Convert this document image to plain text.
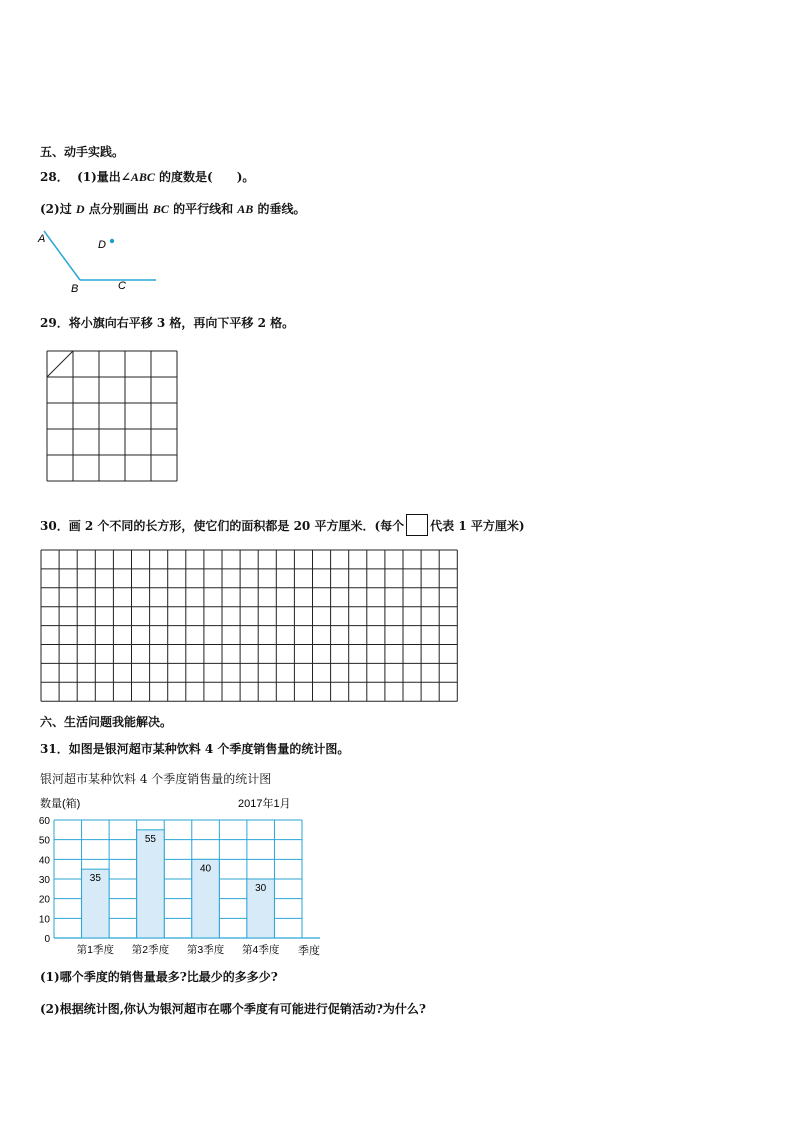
五、动手实践。
28． (1)量出∠ABC 的度数是(　　)。
(2)过 D 点分别画出 BC 的平行线和 AB 的垂线。
A
B	C
D
29．将小旗向右平移 3 格，再向下平移 2 格。
30．画 2 个不同的长方形，使它们的面积都是 20 平方厘米．(每个 代表 1 平方厘米)
六、生活问题我能解决。
31．如图是银河超市某种饮料 4 个季度销售量的统计图。
银河超市某种饮料 4 个季度销售量的统计图
数量(箱)	2017年1月
35
55
40
30
0
10
20
30
40
50
60
第1季度 第2季度 第3季度 第4季度 季度
(1)哪个季度的销售量最多?比最少的多多少?
(2)根据统计图,你认为银河超市在哪个季度有可能进行促销活动?为什么?
